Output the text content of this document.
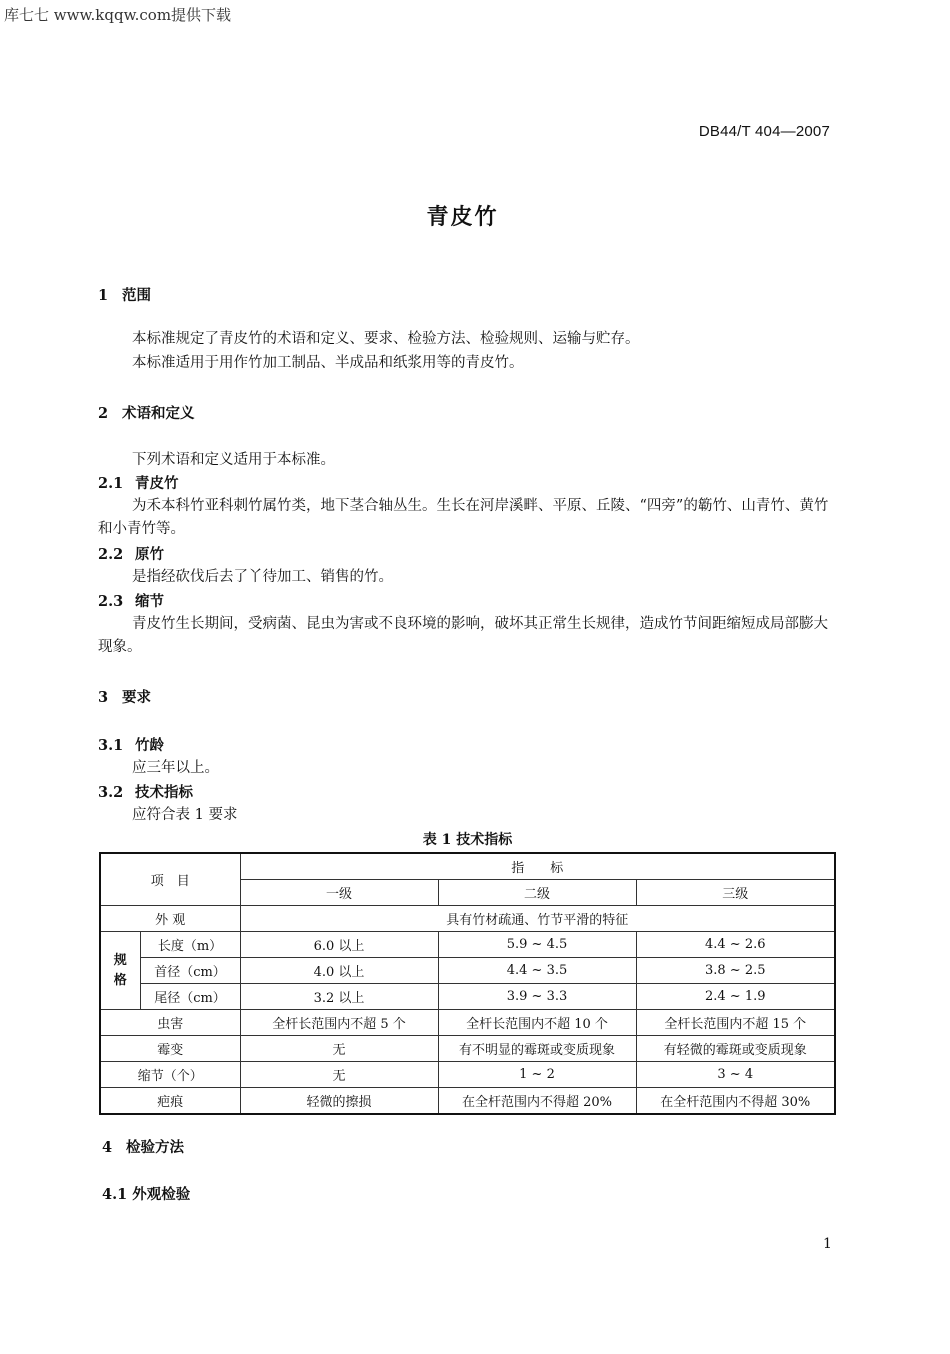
库七七 www.kqqw.com提供下载
DB44/T 404—2007
青皮竹
1 范围
本标准规定了青皮竹的术语和定义、要求、检验方法、检验规则、运输与贮存。
本标准适用于用作竹加工制品、半成品和纸浆用等的青皮竹。
2 术语和定义
下列术语和定义适用于本标准。
2.1 青皮竹
为禾本科竹亚科刺竹属竹类，地下茎合轴丛生。生长在河岸溪畔、平原、丘陵、“四旁”的簕竹、山青竹、黄竹和小青竹等。
2.2 原竹
是指经砍伐后去了丫待加工、销售的竹。
2.3 缩节
青皮竹生长期间，受病菌、昆虫为害或不良环境的影响，破坏其正常生长规律，造成竹节间距缩短成局部膨大现象。
3 要求
3.1 竹龄
应三年以上。
3.2 技术指标
应符合表 1 要求
表 1 技术指标
项　目		指　　标		
		一级	二级	三级
外 观		具有竹材疏通、竹节平滑的特征		
规格	长度（m）	6.0 以上	5.9 ~ 4.5	4.4 ~ 2.6
	首径（cm）	4.0 以上	4.4 ~ 3.5	3.8 ~ 2.5
	尾径（cm）	3.2 以上	3.9 ~ 3.3	2.4 ~ 1.9
虫害		全杆长范围内不超 5 个	全杆长范围内不超 10 个	全杆长范围内不超 15 个
霉变		无	有不明显的霉斑或变质现象	有轻微的霉斑或变质现象
缩节（个）		无	1 ~ 2	3 ~ 4
疤痕		轻微的擦损	在全杆范围内不得超 20%	在全杆范围内不得超 30%
4 检验方法
4.1 外观检验
1
